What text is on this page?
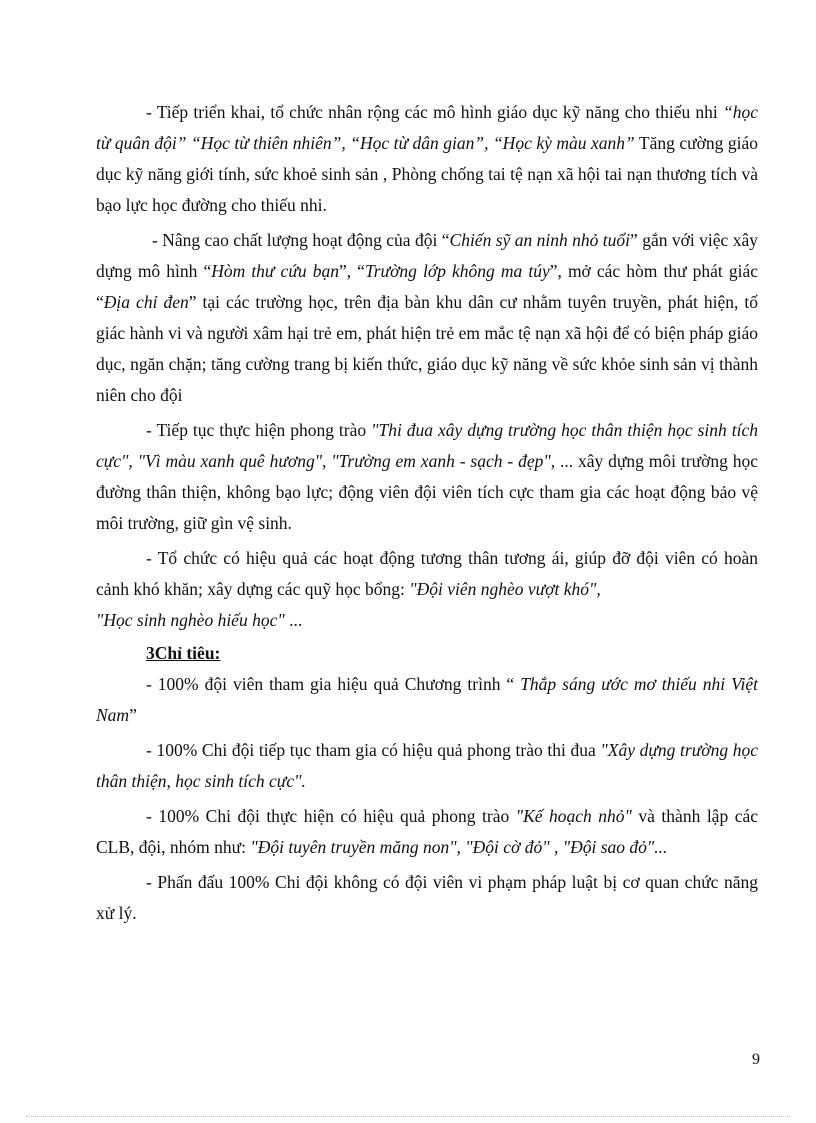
- Tiếp triển khai, tổ chức nhân rộng các mô hình giáo dục kỹ năng cho thiếu nhi “học từ quân đội” “Học từ thiên nhiên”, “Học từ dân gian”, “Học kỳ màu xanh” Tăng cường giáo dục kỹ năng giới tính, sức khoẻ sinh sản , Phòng chống tai tệ nạn xã hội tai nạn thương tích và bạo lực học đường cho thiếu nhi.

- Nâng cao chất lượng hoạt động của đội “Chiến sỹ an ninh nhỏ tuổi” gắn với việc xây dựng mô hình “Hòm thư cứu bạn”, “Trường lớp không ma túy”, mở các hòm thư phát giác “Địa chỉ đen” tại các trường học, trên địa bàn khu dân cư nhằm tuyên truyền, phát hiện, tố giác hành vi và người xâm hại trẻ em, phát hiện trẻ em mắc tệ nạn xã hội để có biện pháp giáo dục, ngăn chặn; tăng cường trang bị kiến thức, giáo dục kỹ năng về sức khỏe sinh sản vị thành niên cho đội

- Tiếp tục thực hiện phong trào "Thi đua xây dựng trường học thân thiện học sinh tích cực", "Vì màu xanh quê hương", "Trường em xanh - sạch - đẹp", ... xây dựng môi trường học đường thân thiện, không bạo lực; động viên đội viên tích cực tham gia các hoạt động bảo vệ môi trường, giữ gìn vệ sinh.

- Tổ chức có hiệu quả các hoạt động tương thân tương ái, giúp đỡ đội viên có hoàn cảnh khó khăn; xây dựng các quỹ học bổng: "Đội viên nghèo vượt khó",

"Học sinh nghèo hiếu học" ...

3Chỉ tiêu:

- 100% đội viên tham gia hiệu quả Chương trình “ Thắp sáng ước mơ thiếu nhi Việt Nam”

- 100% Chi đội tiếp tục tham gia có hiệu quả phong trào thi đua "Xây dựng trường học thân thiện, học sinh tích cực".

- 100% Chi đội thực hiện có hiệu quả phong trào "Kế hoạch nhỏ" và thành lập các CLB, đội, nhóm như: "Đội tuyên truyền măng non", "Đội cờ đỏ" , "Đội sao đỏ"...

- Phấn đấu 100% Chi đội không có đội viên vi phạm pháp luật bị cơ quan chức năng xử lý.

9
